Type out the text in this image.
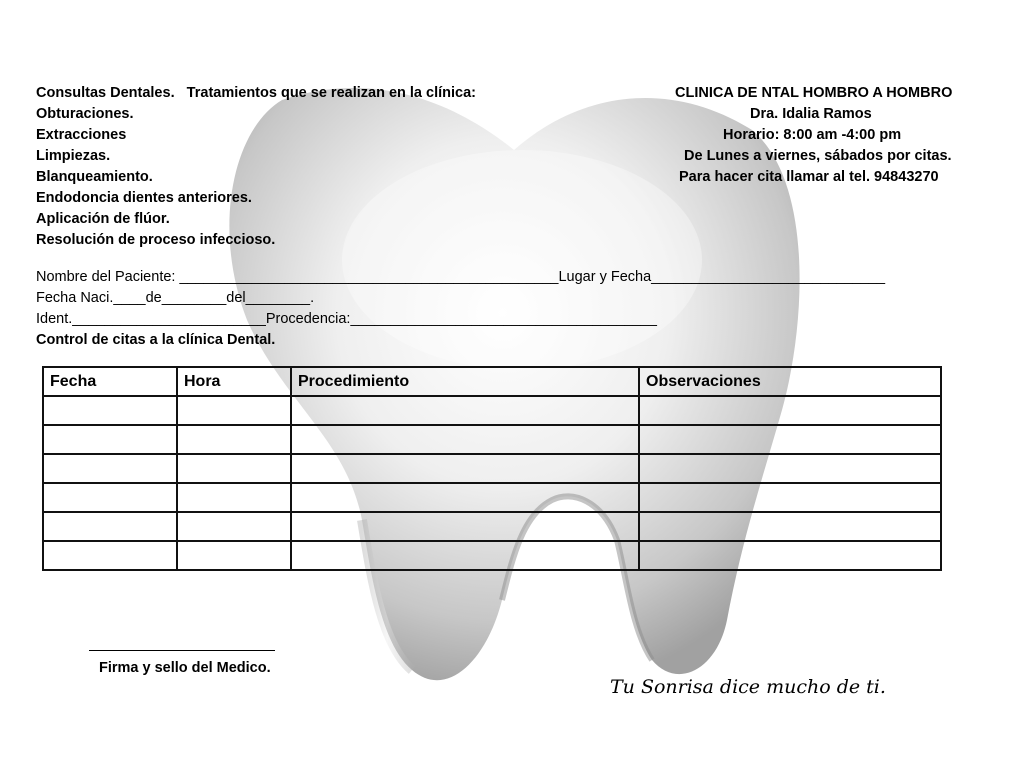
Consultas Dentales.   Tratamientos que se realizan en la clínica:
Obturaciones.
Extracciones
Limpiezas.
Blanqueamiento.
Endodoncia dientes anteriores.
Aplicación de flúor.
Resolución de proceso infeccioso.
CLINICA DE NTAL HOMBRO A HOMBRO
Dra. Idalia Ramos
Horario: 8:00 am -4:00 pm
De Lunes a viernes, sábados por citas.
Para hacer cita llamar al tel. 94843270
Nombre del Paciente: _______________________________________________Lugar y Fecha_____________________________
Fecha Naci.____de________del________.
Ident.________________________Procedencia:______________________________________
Control de citas a la clínica Dental.
Fecha	Hora	Procedimiento	Observaciones

Firma y sello del Medico.
Tu Sonrisa dice mucho de ti.
